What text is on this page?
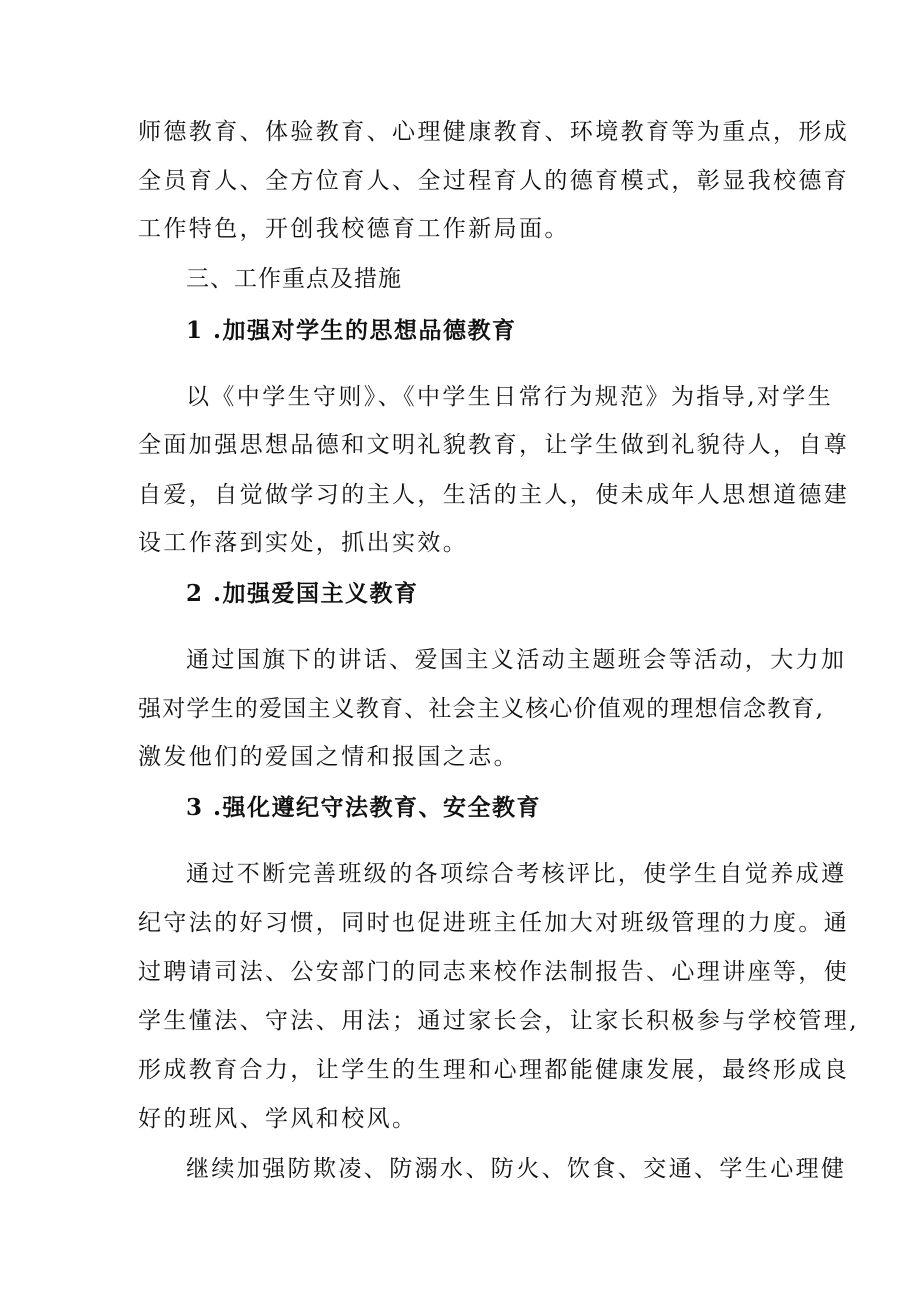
师德教育、体验教育、心理健康教育、环境教育等为重点，形成
全员育人、全方位育人、全过程育人的德育模式，彰显我校德育
工作特色，开创我校德育工作新局面。
三、工作重点及措施
1 .加强对学生的思想品德教育
以《中学生守则》、《中学生日常行为规范》为指导,对学生
全面加强思想品德和文明礼貌教育，让学生做到礼貌待人，自尊
自爱，自觉做学习的主人，生活的主人，使未成年人思想道德建
设工作落到实处，抓出实效。
2 .加强爱国主义教育
通过国旗下的讲话、爱国主义活动主题班会等活动，大力加
强对学生的爱国主义教育、社会主义核心价值观的理想信念教育,
激发他们的爱国之情和报国之志。
3 .强化遵纪守法教育、安全教育
通过不断完善班级的各项综合考核评比，使学生自觉养成遵
纪守法的好习惯，同时也促进班主任加大对班级管理的力度。通
过聘请司法、公安部门的同志来校作法制报告、心理讲座等，使
学生懂法、守法、用法；通过家长会，让家长积极参与学校管理,
形成教育合力，让学生的生理和心理都能健康发展，最终形成良
好的班风、学风和校风。
继续加强防欺凌、防溺水、防火、饮食、交通、学生心理健
